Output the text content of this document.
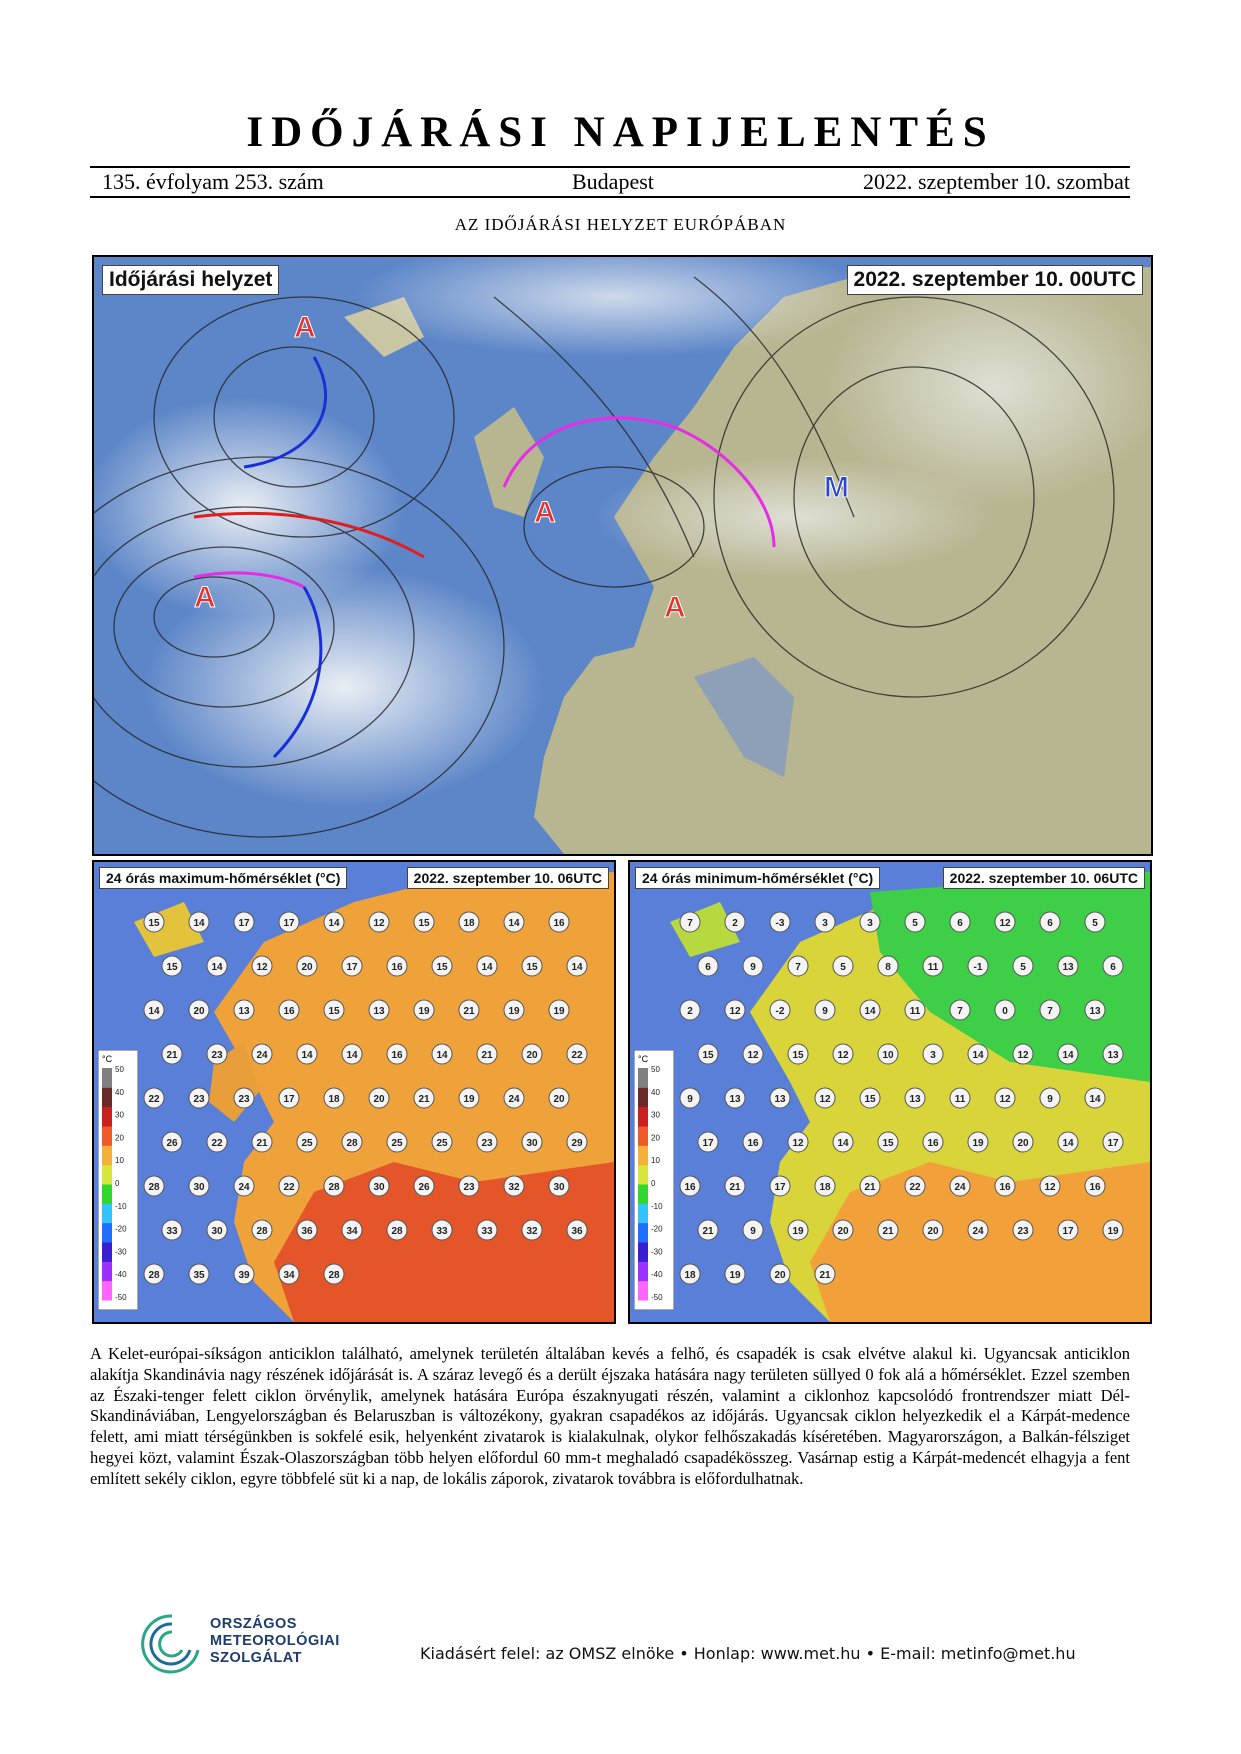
IDŐJÁRÁSI NAPIJELENTÉS
135. évfolyam 253. szám	Budapest	2022. szeptember 10. szombat
AZ IDŐJÁRÁSI HELYZET EURÓPÁBAN
A
A
A
A
M
Időjárási helyzet	2022. szeptember 10. 00UTC
15	14	17	17	14	12	15	18	14	16
15	14	12	20	17	16	15	14	15	14
14	20	13	16	15	13	19	21	19	19
21	23	24	14	14	16	14	21	20	22
22	23	23	17	18	20	21	19	24	20
26	22	21	25	28	25	25	23	30	29
28	30	24	22	28	30	26	23	32	30
33	30	28	36	34	28	33	33	32	36
28	35	39	34	28
24 órás maximum-hőmérséklet (°C)	2022. szeptember 10. 06UTC
7	2	-3	3	3	5	6	12	6	5
6	9	7	5	8	11	-1	5	13	6
2	12	-2	9	14	11	7	0	7	13
15	12	15	12	10	3	14	12	14	13
9	13	13	12	15	13	11	12	9	14
17	16	12	14	15	16	19	20	14	17
16	21	17	18	21	22	24	16	12	16
21	9	19	20	21	20	24	23	17	19
18	19	20	21
24 órás minimum-hőmérséklet (°C)	2022. szeptember 10. 06UTC
°C
50
40
30
20
10
0
-10
-20
-30
-40
-50
°C
50
40
30
20
10
0
-10
-20
-30
-40
-50
A Kelet-európai-síkságon anticiklon található, amelynek területén általában kevés a felhő, és csapadék is csak elvétve alakul ki. Ugyancsak anticiklon alakítja Skandinávia nagy részének időjárását is. A száraz levegő és a derült éjszaka hatására nagy területen süllyed 0 fok alá a hőmérséklet. Ezzel szemben az Északi-tenger felett ciklon örvénylik, amelynek hatására Európa északnyugati részén, valamint a ciklonhoz kapcsolódó frontrendszer miatt Dél-Skandináviában, Lengyelországban és Belaruszban is változékony, gyakran csapadékos az időjárás. Ugyancsak ciklon helyezkedik el a Kárpát-medence felett, ami miatt térségünkben is sokfelé esik, helyenként zivatarok is kialakulnak, olykor felhőszakadás kíséretében. Magyarországon, a Balkán-félsziget hegyei közt, valamint Észak-Olaszországban több helyen előfordul 60 mm-t meghaladó csapadékösszeg. Vasárnap estig a Kárpát-medencét elhagyja a fent említett sekély ciklon, egyre többfelé süt ki a nap, de lokális záporok, zivatarok továbbra is előfordulhatnak.
ORSZÁGOS
METEOROLÓGIAI
SZOLGÁLAT	Kiadásért felel: az OMSZ elnöke • Honlap: www.met.hu • E-mail: metinfo@met.hu
